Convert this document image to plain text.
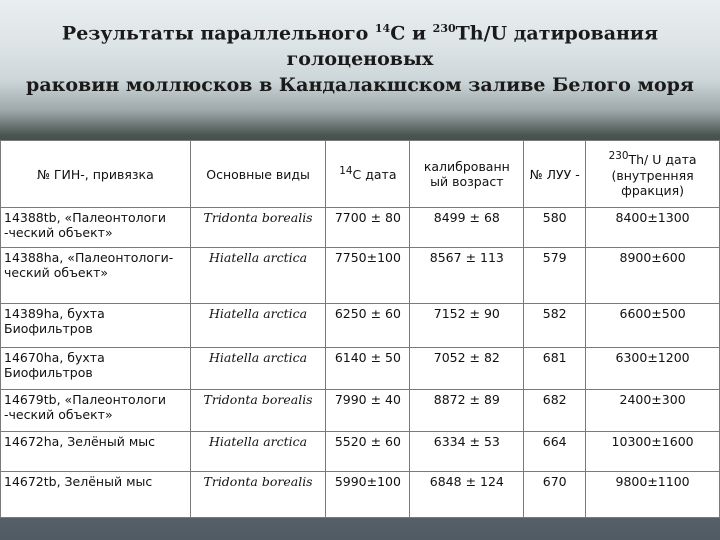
Результаты параллельного $^{14}$C и $^{230}$Th/U датирования голоценовых
раковин моллюсков в Кандалакшском заливе Белого моря
№ ГИН-, привязка	Основные виды	$^{14}$С дата	калиброванн ый возраст	№ ЛУУ -	$^{230}$Th/ U дата (внутренняя фракция)
14388tb, «Палеонтологи -ческий объект»	Tridonta borealis	7700 ± 80	8499 ± 68	580	8400±1300
14388ha, «Палеонтологи-ческий объект»	Hiatella arctica	7750±100	8567 ± 113	579	8900±600
14389ha, бухта Биофильтров	Hiatella arctica	6250 ± 60	7152 ± 90	582	6600±500
14670ha, бухта Биофильтров	Hiatella arctica	6140 ± 50	7052 ± 82	681	6300±1200
14679tb, «Палеонтологи -ческий объект»	Tridonta borealis	7990 ± 40	8872 ± 89	682	2400±300
14672ha, Зелёный мыс	Hiatella arctica	5520 ± 60	6334 ± 53	664	10300±1600
14672tb, Зелёный мыс	Tridonta borealis	5990±100	6848 ± 124	670	9800±1100
